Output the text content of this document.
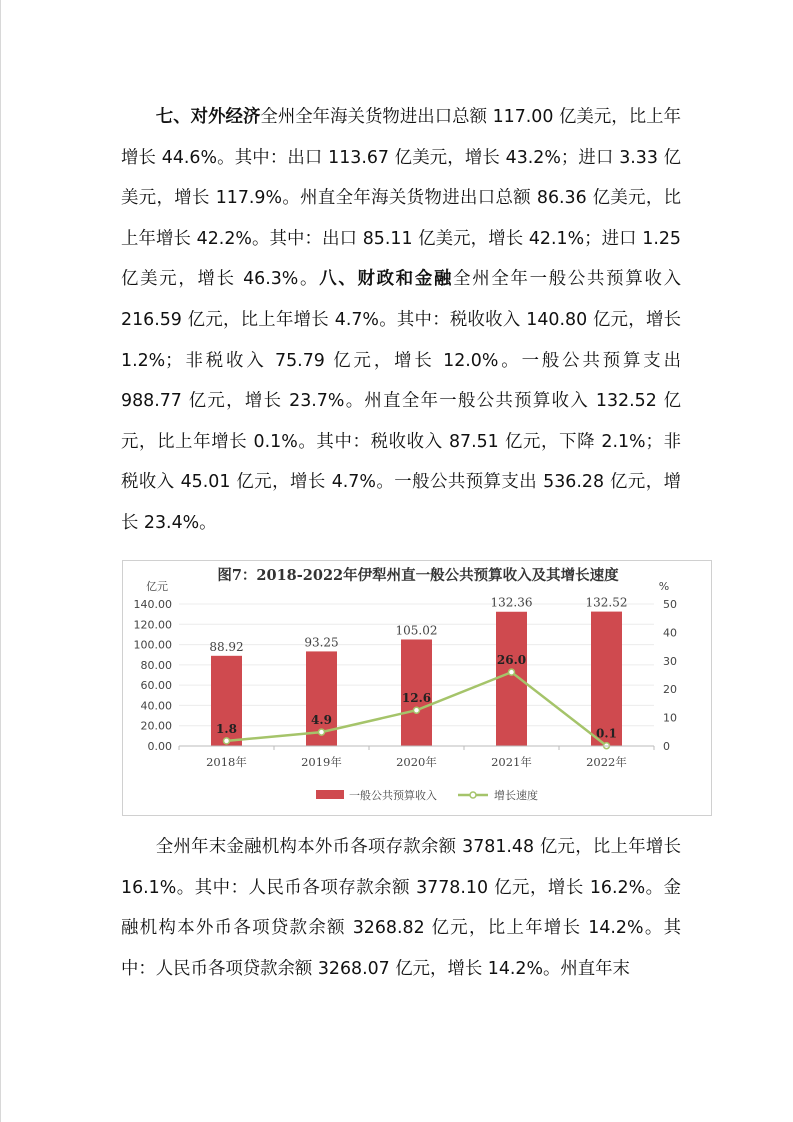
七、对外经济全州全年海关货物进出口总额 117.00 亿美元，比上年增长 44.6%。其中：出口 113.67 亿美元，增长 43.2%；进口 3.33 亿美元，增长 117.9%。州直全年海关货物进出口总额 86.36 亿美元，比上年增长 42.2%。其中：出口 85.11 亿美元，增长 42.1%；进口 1.25 亿美元，增长 46.3%。八、财政和金融全州全年一般公共预算收入 216.59 亿元，比上年增长 4.7%。其中：税收收入 140.80 亿元，增长 1.2%；非税收入 75.79 亿元，增长 12.0%。一般公共预算支出 988.77 亿元，增长 23.7%。州直全年一般公共预算收入 132.52 亿元，比上年增长 0.1%。其中：税收收入 87.51 亿元，下降 2.1%；非税收入 45.01 亿元，增长 4.7%。一般公共预算支出 536.28 亿元，增长 23.4%。

图7：2018-2022年伊犁州直一般公共预算收入及其增长速度
亿元	%
88.92	93.25
105.02
132.36	132.52
1.8
4.9
12.6
26.0
0.1
0.00
20.00
40.00
60.00
80.00
100.00
120.00
140.00
0
10
20
30
40
50
2018年	2019年	2020年	2021年	2022年
一般公共预算收入	增长速度

全州年末金融机构本外币各项存款余额 3781.48 亿元，比上年增长 16.1%。其中：人民币各项存款余额 3778.10 亿元，增长 16.2%。金融机构本外币各项贷款余额 3268.82 亿元，比上年增长 14.2%。其中：人民币各项贷款余额 3268.07 亿元，增长 14.2%。州直年末
